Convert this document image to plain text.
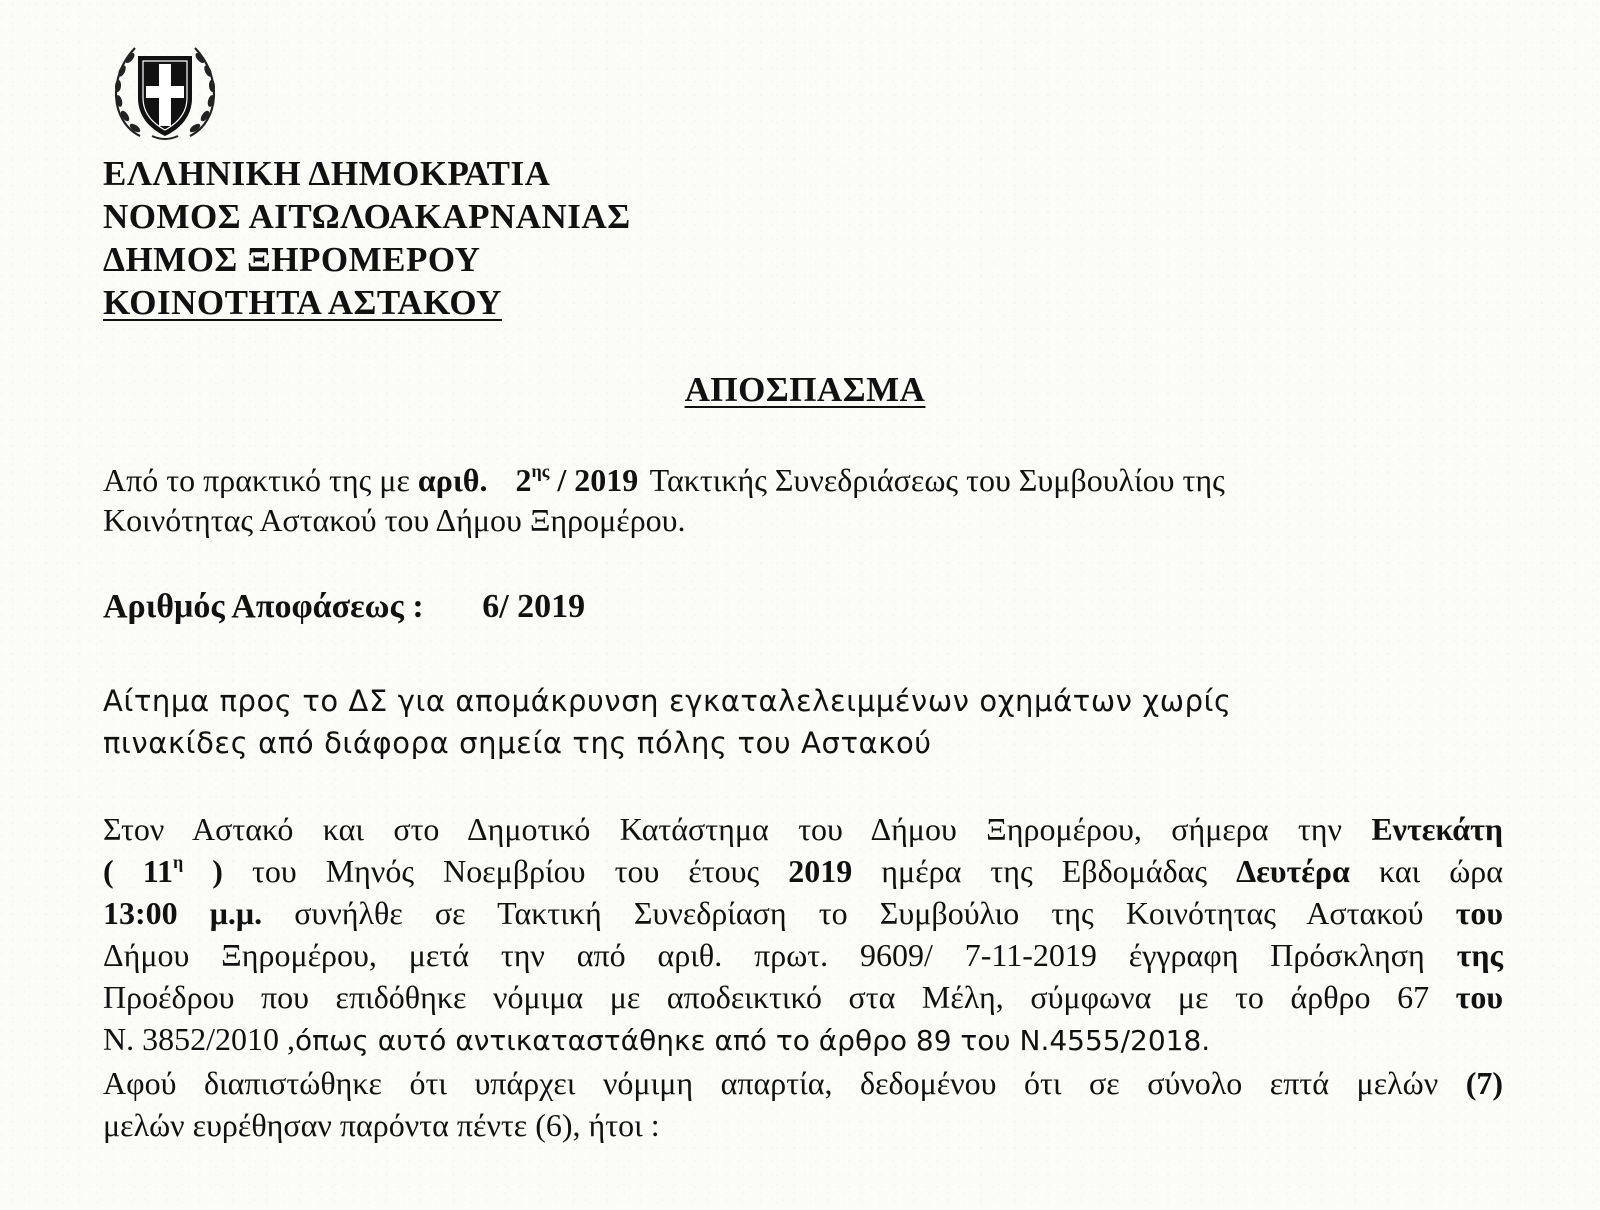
ΕΛΛΗΝΙΚΗ ΔΗΜΟΚΡΑΤΙΑ
ΝΟΜΟΣ ΑΙΤΩΛΟΑΚΑΡΝΑΝΙΑΣ
ΔΗΜΟΣ ΞΗΡΟΜΕΡΟΥ
ΚΟΙΝΟΤΗΤΑ ΑΣΤΑΚΟΥ
ΑΠΟΣΠΑΣΜΑ
Από το πρακτικό της με αριθ. $2^{\eta\varsigma} / 2019$ Τακτικής Συνεδριάσεως του Συμβουλίου της
Κοινότητας Αστακού του Δήμου Ξηρομέρου.
Αριθμός Αποφάσεως : 6/ 2019
Αίτημα προς το ΔΣ για απομάκρυνση εγκαταλελειμμένων οχημάτων χωρίς
πινακίδες από διάφορα σημεία της πόλης του Αστακού
Στον Αστακό και στο Δημοτικό Κατάστημα του Δήμου Ξηρομέρου, σήμερα την Εντεκάτη
( $11^\eta$ ) του Μηνός Νοεμβρίου του έτους 2019 ημέρα της Εβδομάδας Δευτέρα και ώρα
13:00 μ.μ. συνήλθε σε Τακτική Συνεδρίαση το Συμβούλιο της Κοινότητας Αστακού του
Δήμου Ξηρομέρου, μετά την από αριθ. πρωτ. 9609/ 7-11-2019 έγγραφη Πρόσκληση της
Προέδρου που επιδόθηκε νόμιμα με αποδεικτικό στα Μέλη, σύμφωνα με το άρθρο 67 του
Ν. 3852/2010 ,όπως αυτό αντικαταστάθηκε από το άρθρο 89 του Ν.4555/2018.
Αφού διαπιστώθηκε ότι υπάρχει νόμιμη απαρτία, δεδομένου ότι σε σύνολο επτά μελών (7)
μελών ευρέθησαν παρόντα πέντε (6), ήτοι :
